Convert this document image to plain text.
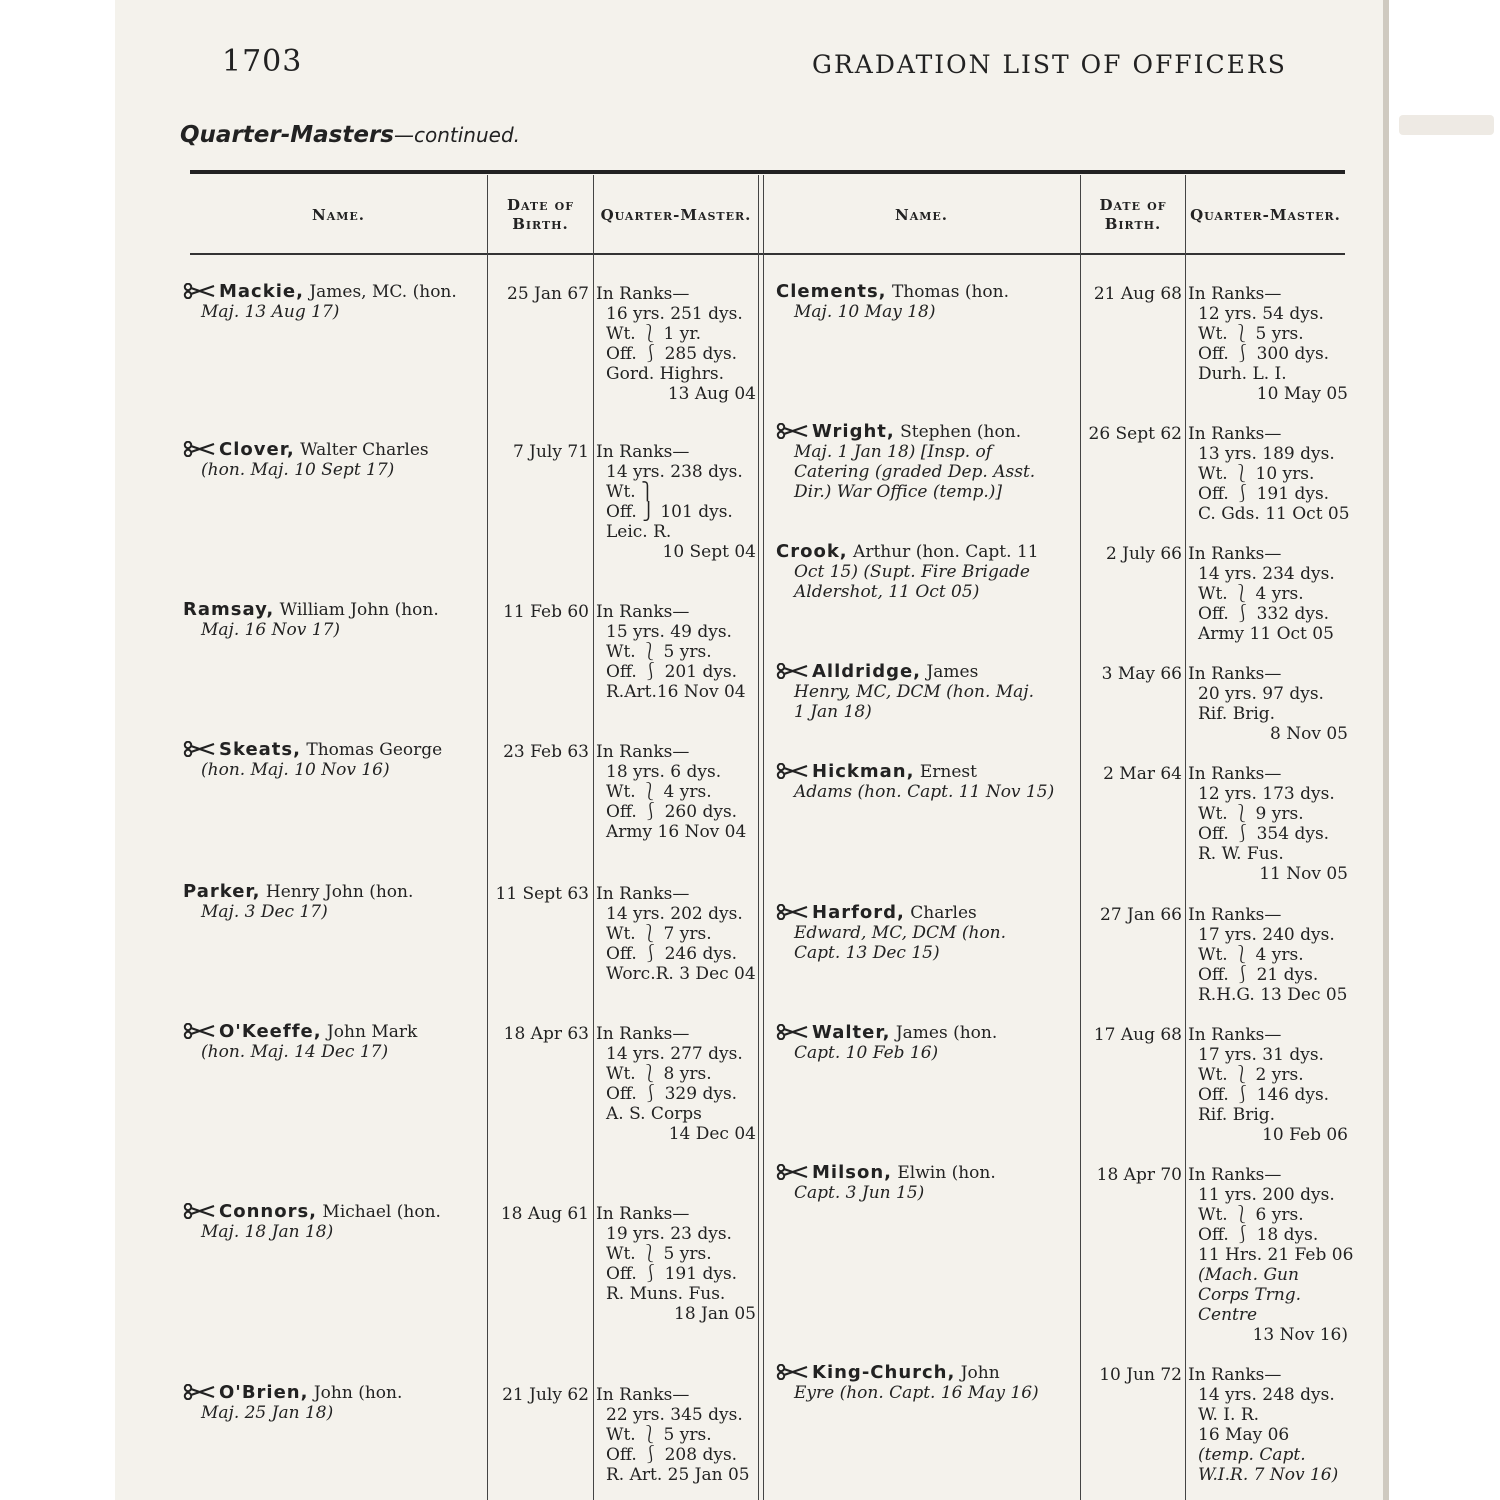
1703	GRADATION LIST OF OFFICERS
Quarter-Masters—continued.
Name.
Date of Birth.
Quarter-Master.	Name.
Date of Birth.
Quarter-Master.
Mackie, James, MC. (hon.
Maj. 13 Aug 17)
25 Jan 67 In Ranks—
16 yrs. 251 dys.
Wt. ⎱ 1 yr.
Off. ⎰ 285 dys.
Gord. Highrs.
13 Aug 04
Clover, Walter Charles
(hon. Maj. 10 Sept 17)
7 July 71 In Ranks—
14 yrs. 238 dys.
Wt. ⎫
Off. ⎭ 101 dys.
Leic. R.
10 Sept 04
Ramsay, William John (hon.
Maj. 16 Nov 17)
11 Feb 60 In Ranks—
15 yrs. 49 dys.
Wt. ⎱ 5 yrs.
Off. ⎰ 201 dys.
R.Art.16 Nov 04
Skeats, Thomas George
(hon. Maj. 10 Nov 16)
23 Feb 63 In Ranks—
18 yrs. 6 dys.
Wt. ⎱ 4 yrs.
Off. ⎰ 260 dys.
Army 16 Nov 04
Parker, Henry John (hon.
Maj. 3 Dec 17)
11 Sept 63 In Ranks—
14 yrs. 202 dys.
Wt. ⎱ 7 yrs.
Off. ⎰ 246 dys.
Worc.R. 3 Dec 04
O'Keeffe, John Mark
(hon. Maj. 14 Dec 17)
18 Apr 63 In Ranks—
14 yrs. 277 dys.
Wt. ⎱ 8 yrs.
Off. ⎰ 329 dys.
A. S. Corps
14 Dec 04
Connors, Michael (hon.
Maj. 18 Jan 18)
18 Aug 61 In Ranks—
19 yrs. 23 dys.
Wt. ⎱ 5 yrs.
Off. ⎰ 191 dys.
R. Muns. Fus.
18 Jan 05
O'Brien, John (hon.
Maj. 25 Jan 18)
21 July 62 In Ranks—
22 yrs. 345 dys.
Wt. ⎱ 5 yrs.
Off. ⎰ 208 dys.
R. Art. 25 Jan 05
Clements, Thomas (hon.
Maj. 10 May 18)
21 Aug 68 In Ranks—
12 yrs. 54 dys.
Wt. ⎱ 5 yrs.
Off. ⎰ 300 dys.
Durh. L. I.
10 May 05
Wright, Stephen (hon.
Maj. 1 Jan 18) [Insp. of
Catering (graded Dep. Asst.
Dir.) War Office (temp.)]
26 Sept 62 In Ranks—
13 yrs. 189 dys.
Wt. ⎱ 10 yrs.
Off. ⎰ 191 dys.
C. Gds. 11 Oct 05
Crook, Arthur (hon. Capt. 11
Oct 15) (Supt. Fire Brigade
Aldershot, 11 Oct 05)
2 July 66 In Ranks—
14 yrs. 234 dys.
Wt. ⎱ 4 yrs.
Off. ⎰ 332 dys.
Army 11 Oct 05
Alldridge, James
Henry, MC, DCM (hon. Maj.
1 Jan 18)
3 May 66 In Ranks—
20 yrs. 97 dys.
Rif. Brig.
8 Nov 05
Hickman, Ernest
Adams (hon. Capt. 11 Nov 15)
2 Mar 64 In Ranks—
12 yrs. 173 dys.
Wt. ⎱ 9 yrs.
Off. ⎰ 354 dys.
R. W. Fus.
11 Nov 05
Harford, Charles
Edward, MC, DCM (hon.
Capt. 13 Dec 15)
27 Jan 66 In Ranks—
17 yrs. 240 dys.
Wt. ⎱ 4 yrs.
Off. ⎰ 21 dys.
R.H.G. 13 Dec 05
Walter, James (hon.
Capt. 10 Feb 16)
17 Aug 68 In Ranks—
17 yrs. 31 dys.
Wt. ⎱ 2 yrs.
Off. ⎰ 146 dys.
Rif. Brig.
10 Feb 06
Milson, Elwin (hon.
Capt. 3 Jun 15)
18 Apr 70 In Ranks—
11 yrs. 200 dys.
Wt. ⎱ 6 yrs.
Off. ⎰ 18 dys.
11 Hrs. 21 Feb 06
(Mach. Gun
Corps Trng.
Centre
13 Nov 16)
King-Church, John
Eyre (hon. Capt. 16 May 16)
10 Jun 72 In Ranks—
14 yrs. 248 dys.
W. I. R.
16 May 06
(temp. Capt.
W.I.R. 7 Nov 16)
